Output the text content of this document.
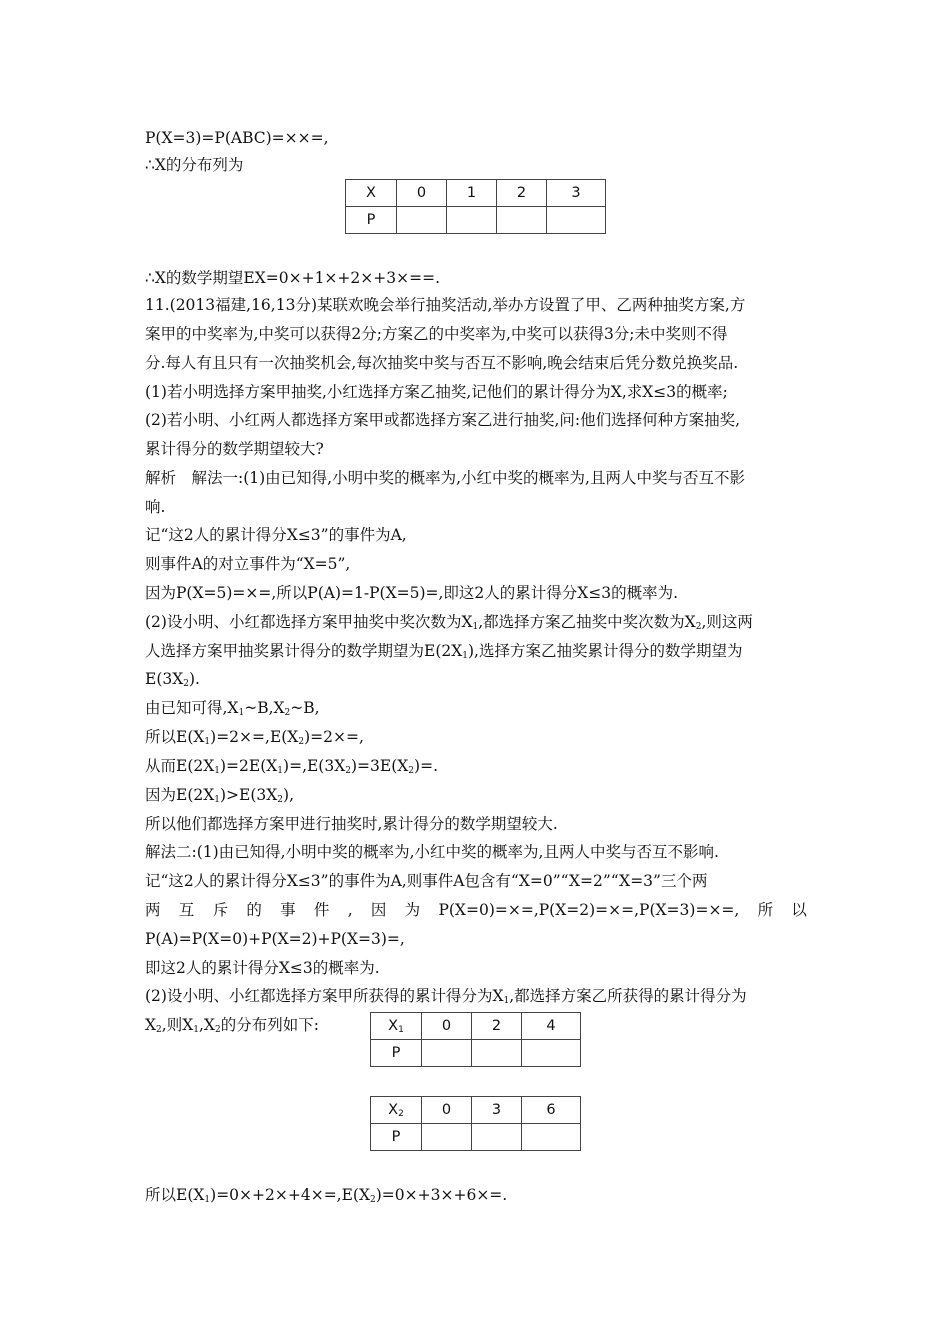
P(X=3)=P(ABC)=××=,
∴X的分布列为
X	0	1	2	3
P				
∴X的数学期望EX=0×+1×+2×+3×==.
11.(2013福建,16,13分)某联欢晚会举行抽奖活动,举办方设置了甲、乙两种抽奖方案,方
案甲的中奖率为,中奖可以获得2分;方案乙的中奖率为,中奖可以获得3分;未中奖则不得
分.每人有且只有一次抽奖机会,每次抽奖中奖与否互不影响,晚会结束后凭分数兑换奖品.
(1)若小明选择方案甲抽奖,小红选择方案乙抽奖,记他们的累计得分为X,求X≤3的概率;
(2)若小明、小红两人都选择方案甲或都选择方案乙进行抽奖,问:他们选择何种方案抽奖,
累计得分的数学期望较大?
解析　解法一:(1)由已知得,小明中奖的概率为,小红中奖的概率为,且两人中奖与否互不影
响.
记“这2人的累计得分X≤3”的事件为A,
则事件A的对立事件为“X=5”,
因为P(X=5)=×=,所以P(A)=1-P(X=5)=,即这2人的累计得分X≤3的概率为.
(2)设小明、小红都选择方案甲抽奖中奖次数为$X_1$,都选择方案乙抽奖中奖次数为$X_2$,则这两
人选择方案甲抽奖累计得分的数学期望为$E(2X_1)$,选择方案乙抽奖累计得分的数学期望为
$E(3X_2)$.
由已知可得$,X_1\sim B,X_2\sim B$,
所以$E(X_1)=2\times=,E(X_2)=2\times=$,
从而$E(2X_1)=2E(X_1)=,E(3X_2)=3E(X_2)=$.
因为$E(2X_1)>E(3X_2)$,
所以他们都选择方案甲进行抽奖时,累计得分的数学期望较大.
解法二:(1)由已知得,小明中奖的概率为,小红中奖的概率为,且两人中奖与否互不影响.
记“这2人的累计得分X≤3”的事件为A,则事件A包含有“X=0”“X=2”“X=3”三个两
两 互 斥 的 事 件 , 因 为 P(X=0)=×=,P(X=2)=×=,P(X=3)=×=, 所 以
P(A)=P(X=0)+P(X=2)+P(X=3)=,
即这2人的累计得分X≤3的概率为.
(2)设小明、小红都选择方案甲所获得的累计得分为$X_1$,都选择方案乙所获得的累计得分为
$X_2$,则$X_1,X_2$的分布列如下:	$X_1$	0	2	4
P			
$X_2$	0	3	6
P			
所以$E(X_1)=0\times+2\times+4\times=,E(X_2)=0\times+3\times+6\times=$.
